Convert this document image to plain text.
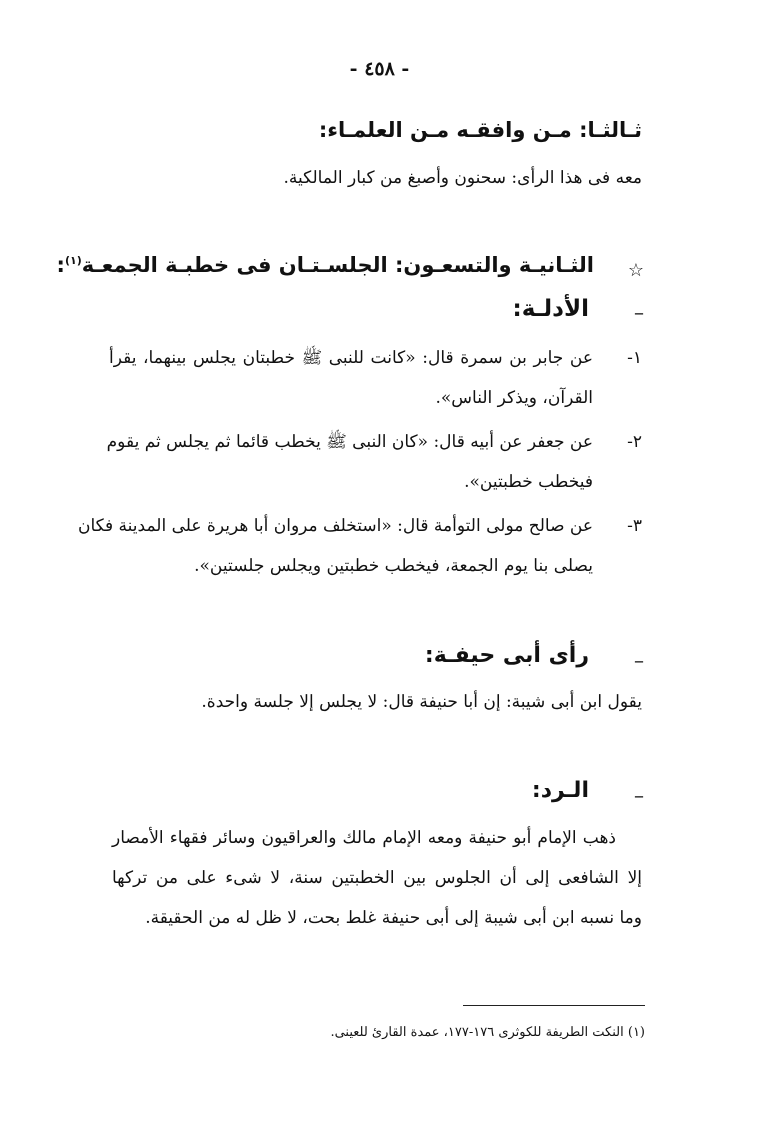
- ٤٥٨ -
ثـالثـا: مـن وافقـه مـن العلمـاء:
معه فى هذا الرأى: سحنون وأصبغ من كبار المالكية.
☆
الثـانيـة والتسعـون: الجلسـتـان فى خطبـة الجمعـة$^{(١)}$:
–
الأدلـة:
١-
عن جابر بن سمرة قال: «كانت للنبى ﷺ خطبتان يجلس بينهما، يقرأ
القرآن، ويذكر الناس».
٢-
عن جعفر عن أبيه قال: «كان النبى ﷺ يخطب قائما ثم يجلس ثم يقوم
فيخطب خطبتين».
٣-
عن صالح مولى التوأمة قال: «استخلف مروان أبا هريرة على المدينة فكان
يصلى بنا يوم الجمعة، فيخطب خطبتين ويجلس جلستين».
–
رأى أبى حيفـة:
يقول ابن أبى شيبة: إن أبا حنيفة قال: لا يجلس إلا جلسة واحدة.
–
الـرد:
ذهب الإمام أبو حنيفة ومعه الإمام مالك والعراقيون وسائر فقهاء الأمصار
إلا الشافعى إلى أن الجلوس بين الخطبتين سنة، لا شىء على من تركها
وما نسبه ابن أبى شيبة إلى أبى حنيفة غلط بحت، لا ظل له من الحقيقة.
(١) النكت الطريفة للكوثرى ١٧٦-١٧٧، عمدة القارئ للعينى.
